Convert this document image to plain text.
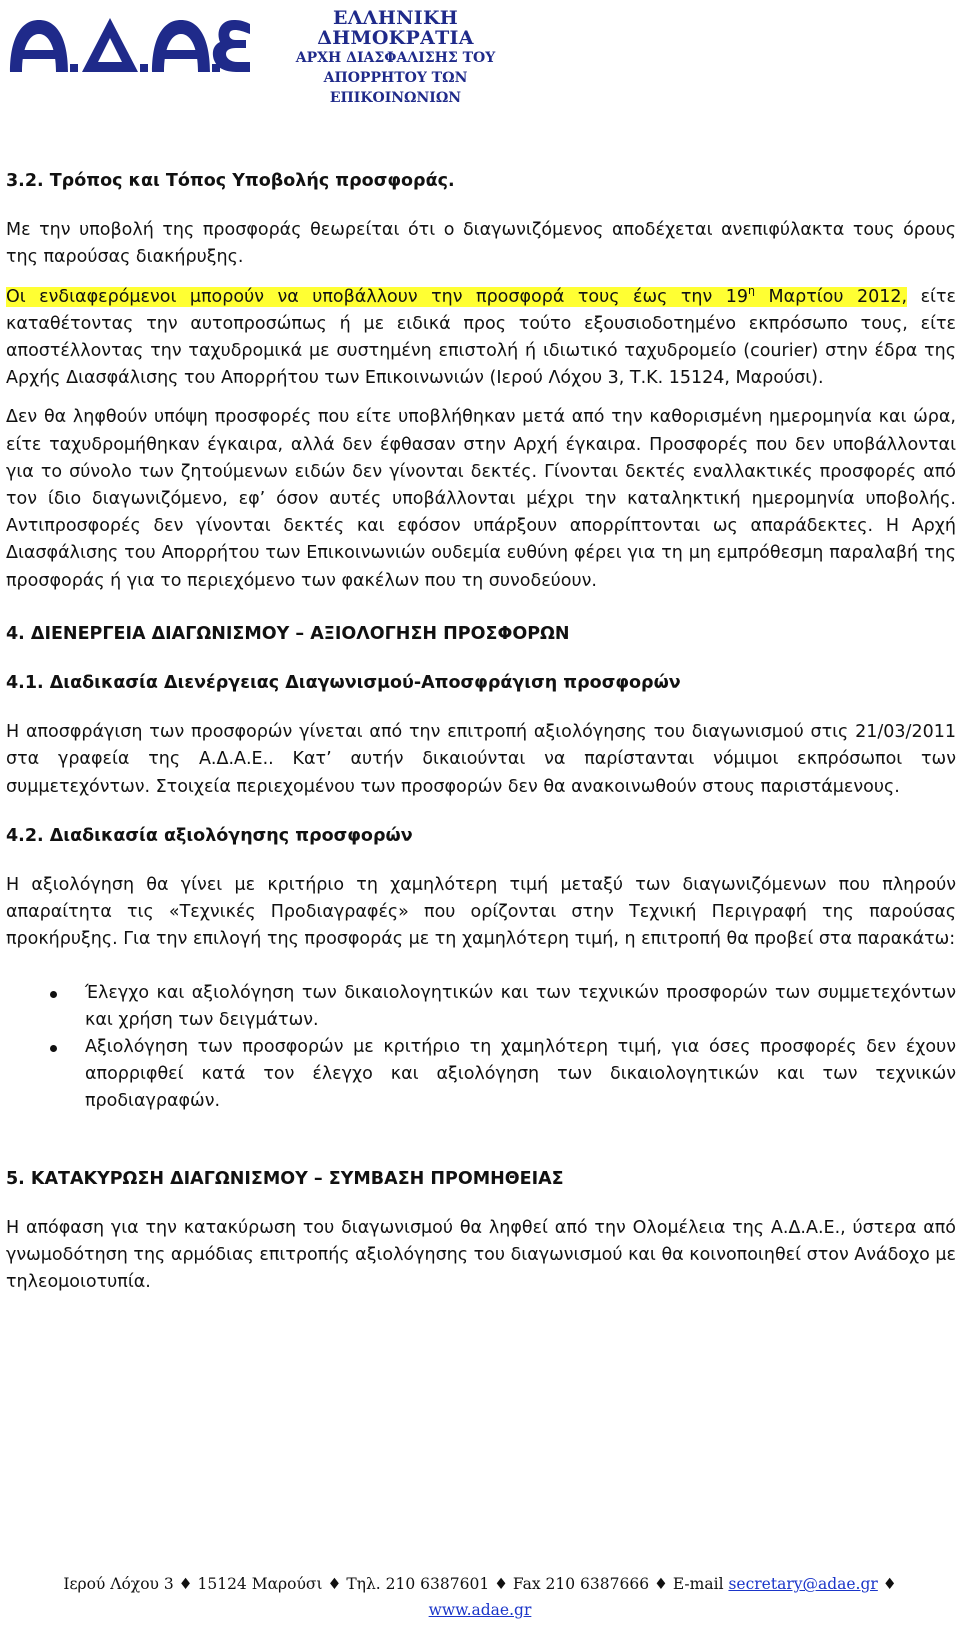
ΕΛΛΗΝΙΚΗ ΔΗΜΟΚΡΑΤΙΑ
ΑΡΧΗ ΔΙΑΣΦΑΛΙΣΗΣ ΤΟΥ
ΑΠΟΡΡΗΤΟΥ ΤΩΝ ΕΠΙΚΟΙΝΩΝΙΩΝ

3.2. Τρόπος και Τόπος Υποβολής προσφοράς.

Με την υποβολή της προσφοράς θεωρείται ότι ο διαγωνιζόμενος αποδέχεται ανεπιφύλακτα τους όρους της παρούσας διακήρυξης.

Οι ενδιαφερόμενοι μπορούν να υποβάλλουν την προσφορά τους έως την $19^\eta$ Μαρτίου 2012, είτε καταθέτοντας την αυτοπροσώπως ή με ειδικά προς τούτο εξουσιοδοτημένο εκπρόσωπο τους, είτε αποστέλλοντας την ταχυδρομικά με συστημένη επιστολή ή ιδιωτικό ταχυδρομείο (courier) στην έδρα της Αρχής Διασφάλισης του Απορρήτου των Επικοινωνιών (Ιερού Λόχου 3, Τ.Κ. 15124, Μαρούσι).

Δεν θα ληφθούν υπόψη προσφορές που είτε υποβλήθηκαν μετά από την καθορισμένη ημερομηνία και ώρα, είτε ταχυδρομήθηκαν έγκαιρα, αλλά δεν έφθασαν στην Αρχή έγκαιρα. Προσφορές που δεν υποβάλλονται για το σύνολο των ζητούμενων ειδών δεν γίνονται δεκτές. Γίνονται δεκτές εναλλακτικές προσφορές από τον ίδιο διαγωνιζόμενο, εφ’ όσον αυτές υποβάλλονται μέχρι την καταληκτική ημερομηνία υποβολής. Αντιπροσφορές δεν γίνονται δεκτές και εφόσον υπάρξουν απορρίπτονται ως απαράδεκτες. Η Αρχή Διασφάλισης του Απορρήτου των Επικοινωνιών ουδεμία ευθύνη φέρει για τη μη εμπρόθεσμη παραλαβή της προσφοράς ή για το περιεχόμενο των φακέλων που τη συνοδεύουν.

4. ΔΙΕΝΕΡΓΕΙΑ ΔΙΑΓΩΝΙΣΜΟΥ – ΑΞΙΟΛΟΓΗΣΗ ΠΡΟΣΦΟΡΩΝ

4.1. Διαδικασία Διενέργειας Διαγωνισμού-Αποσφράγιση προσφορών

Η αποσφράγιση των προσφορών γίνεται από την επιτροπή αξιολόγησης του διαγωνισμού στις 21/03/2011 στα γραφεία της Α.Δ.Α.Ε.. Κατ’ αυτήν δικαιούνται να παρίστανται νόμιμοι εκπρόσωποι των συμμετεχόντων. Στοιχεία περιεχομένου των προσφορών δεν θα ανακοινωθούν στους παριστάμενους.

4.2. Διαδικασία αξιολόγησης προσφορών

Η αξιολόγηση θα γίνει με κριτήριο τη χαμηλότερη τιμή μεταξύ των διαγωνιζόμενων που πληρούν απαραίτητα τις «Τεχνικές Προδιαγραφές» που ορίζονται στην Τεχνική Περιγραφή της παρούσας προκήρυξης. Για την επιλογή της προσφοράς με τη χαμηλότερη τιμή, η επιτροπή θα προβεί στα παρακάτω:

Έλεγχο και αξιολόγηση των δικαιολογητικών και των τεχνικών προσφορών των συμμετεχόντων και χρήση των δειγμάτων.
Αξιολόγηση των προσφορών με κριτήριο τη χαμηλότερη τιμή, για όσες προσφορές δεν έχουν απορριφθεί κατά τον έλεγχο και αξιολόγηση των δικαιολογητικών και των τεχνικών προδιαγραφών.

5. ΚΑΤΑΚΥΡΩΣΗ ΔΙΑΓΩΝΙΣΜΟΥ – ΣΥΜΒΑΣΗ ΠΡΟΜΗΘΕΙΑΣ

Η απόφαση για την κατακύρωση του διαγωνισμού θα ληφθεί από την Ολομέλεια της Α.Δ.Α.Ε., ύστερα από γνωμοδότηση της αρμόδιας επιτροπής αξιολόγησης του διαγωνισμού και θα κοινοποιηθεί στον Ανάδοχο με τηλεομοιοτυπία.

Ιερού Λόχου 3 ♦ 15124 Μαρούσι ♦ Τηλ. 210 6387601 ♦ Fax 210 6387666 ♦ E-mail secretary@adae.gr ♦
www.adae.gr
